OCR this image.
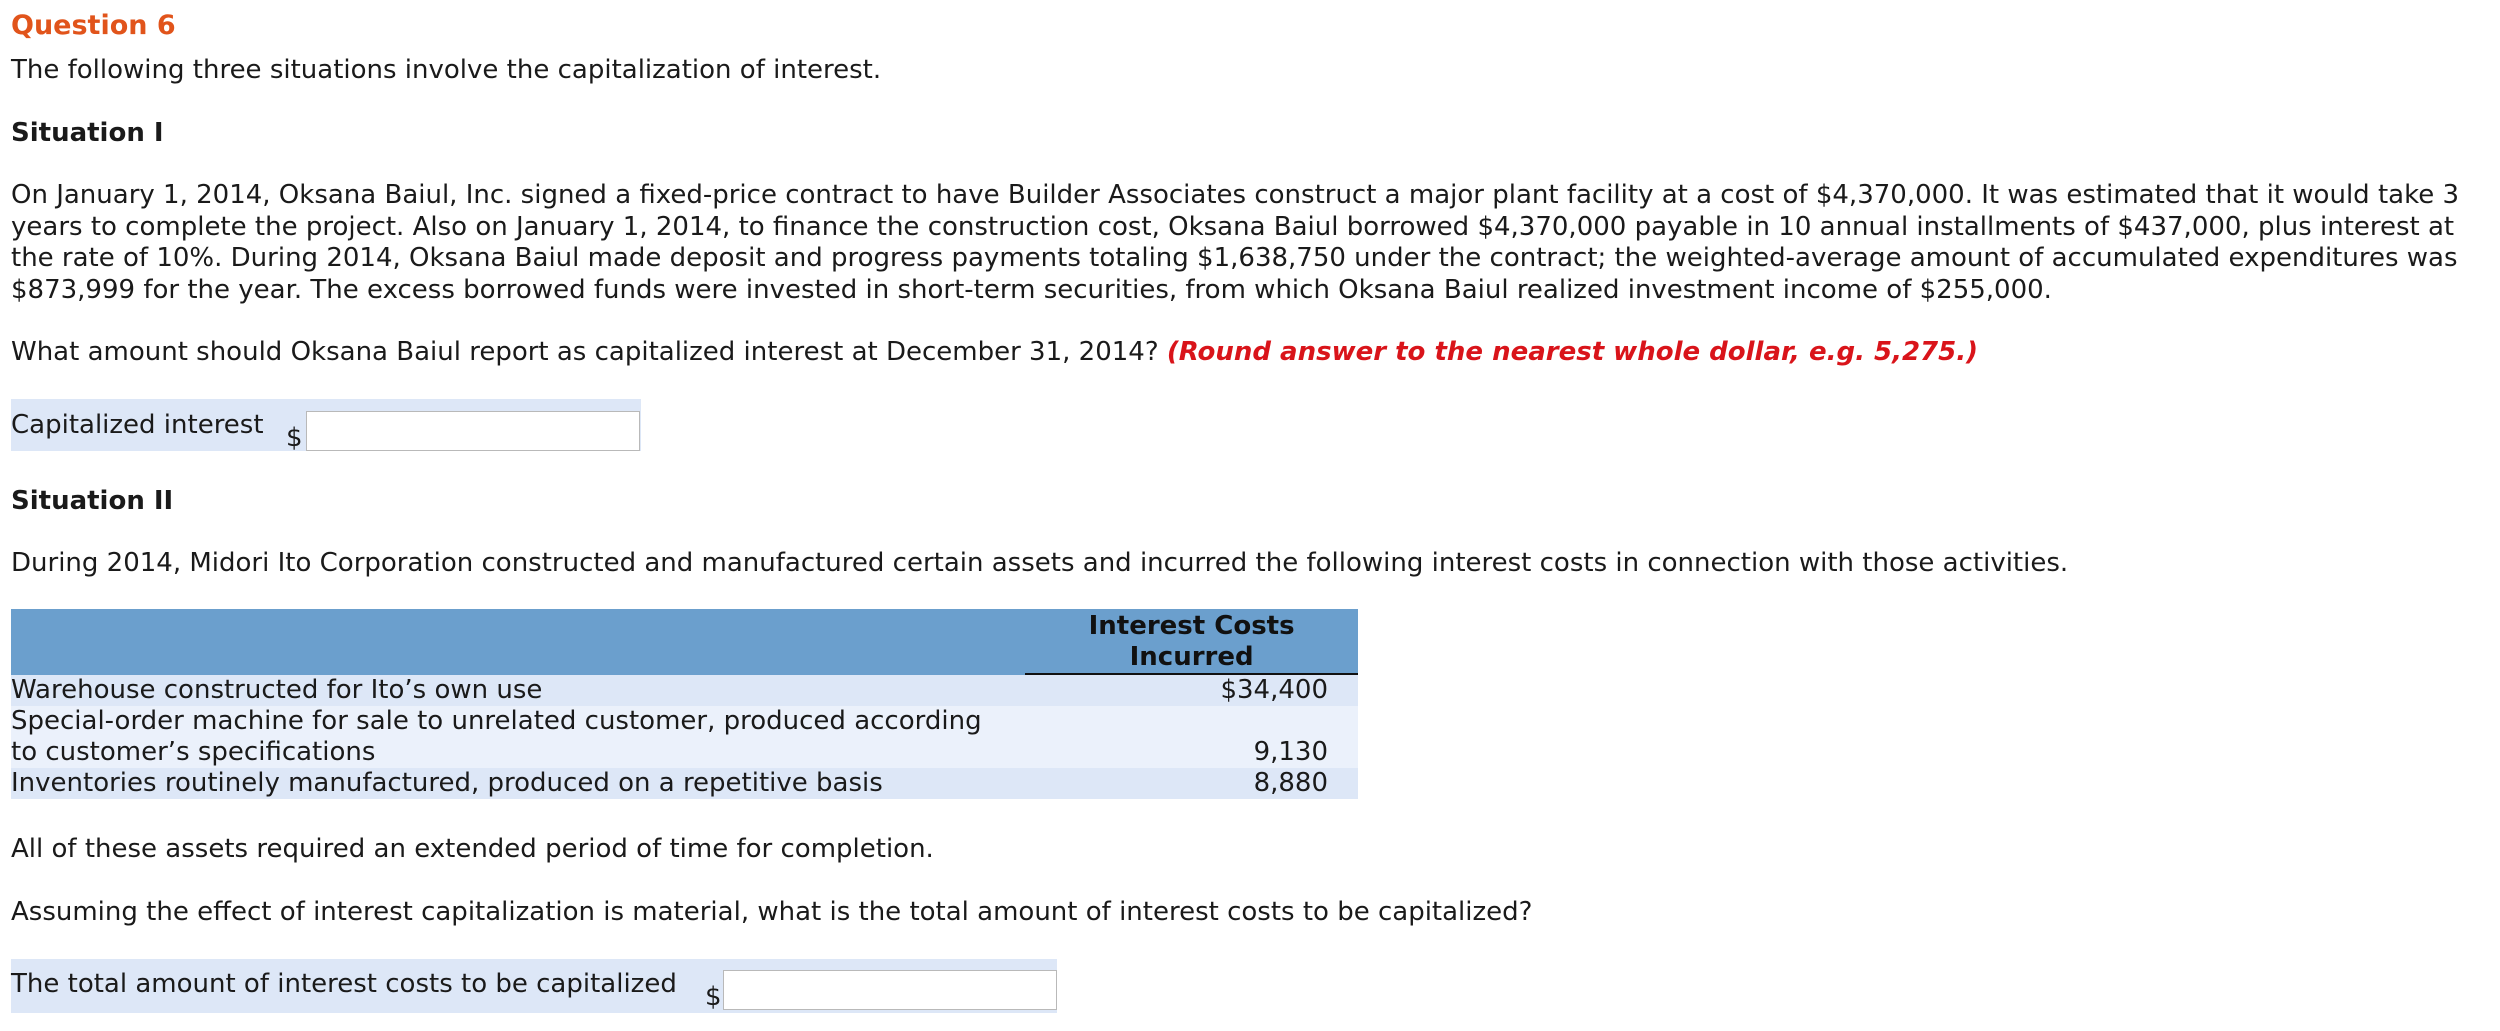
Question 6
The following three situations involve the capitalization of interest.
Situation I
On January 1, 2014, Oksana Baiul, Inc. signed a fixed-price contract to have Builder Associates construct a major plant facility at a cost of $4,370,000. It was estimated that it would take 3 years to complete the project. Also on January 1, 2014, to finance the construction cost, Oksana Baiul borrowed $4,370,000 payable in 10 annual installments of $437,000, plus interest at the rate of 10%. During 2014, Oksana Baiul made deposit and progress payments totaling $1,638,750 under the contract; the weighted-average amount of accumulated expenditures was $873,999 for the year. The excess borrowed funds were invested in short-term securities, from which Oksana Baiul realized investment income of $255,000.
What amount should Oksana Baiul report as capitalized interest at December 31, 2014? (Round answer to the nearest whole dollar, e.g. 5,275.)
Capitalized interest $
Situation II
During 2014, Midori Ito Corporation constructed and manufactured certain assets and incurred the following interest costs in connection with those activities.

	Interest Costs
Incurred

Warehouse constructed for Ito’s own use	$34,400

Special-order machine for sale to unrelated customer, produced according
to customer’s specifications	9,130
Inventories routinely manufactured, produced on a repetitive basis	8,880
All of these assets required an extended period of time for completion.
Assuming the effect of interest capitalization is material, what is the total amount of interest costs to be capitalized?
The total amount of interest costs to be capitalized $
